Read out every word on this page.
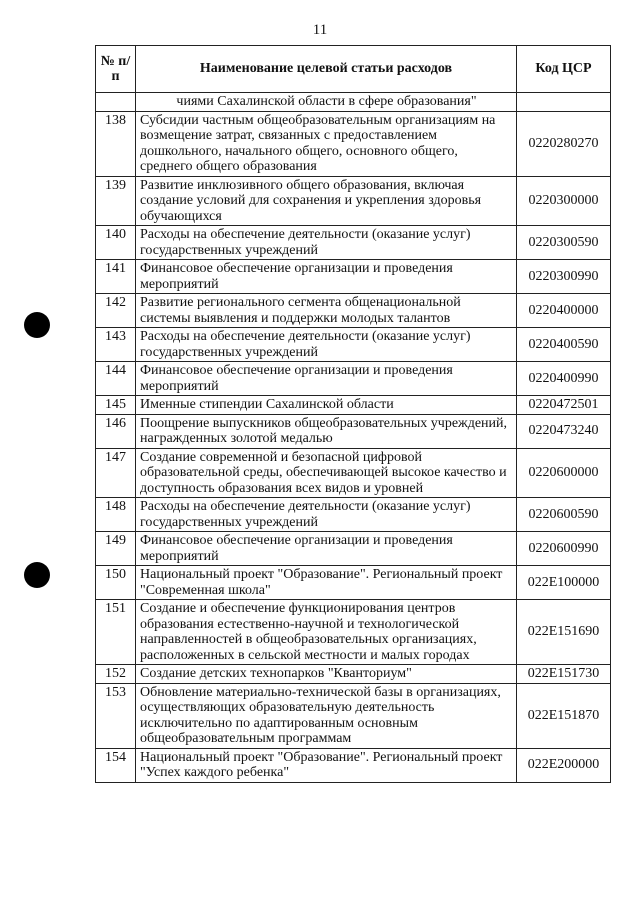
11
№ п/п	Наименование целевой статьи расходов	Код ЦСР
	чиями Сахалинской области в сфере образования"	
138	Субсидии частным общеобразовательным организациям на возмещение затрат, связанных с предоставлением дошкольного, начального общего, основного общего, среднего общего образования	0220280270
139	Развитие инклюзивного общего образования, включая создание условий для сохранения и укрепления здоровья обучающихся	0220300000
140	Расходы на обеспечение деятельности (оказание услуг) государственных учреждений	0220300590
141	Финансовое обеспечение организации и проведения мероприятий	0220300990
142	Развитие регионального сегмента общенациональной системы выявления и поддержки молодых талантов	0220400000
143	Расходы на обеспечение деятельности (оказание услуг) государственных учреждений	0220400590
144	Финансовое обеспечение организации и проведения мероприятий	0220400990
145	Именные стипендии Сахалинской области	0220472501
146	Поощрение выпускников общеобразовательных учреждений, награжденных золотой медалью	0220473240
147	Создание современной и безопасной цифровой образовательной среды, обеспечивающей высокое качество и доступность образования всех видов и уровней	0220600000
148	Расходы на обеспечение деятельности (оказание услуг) государственных учреждений	0220600590
149	Финансовое обеспечение организации и проведения мероприятий	0220600990
150	Национальный проект "Образование". Региональный проект "Современная школа"	022E100000
151	Создание и обеспечение функционирования центров образования естественно-научной и технологической направленностей в общеобразовательных организациях, расположенных в сельской местности и малых городах	022E151690
152	Создание детских технопарков "Кванториум"	022E151730
153	Обновление материально-технической базы в организациях, осуществляющих образовательную деятельность исключительно по адаптированным основным общеобразовательным программам	022E151870
154	Национальный проект "Образование". Региональный проект "Успех каждого ребенка"	022E200000
